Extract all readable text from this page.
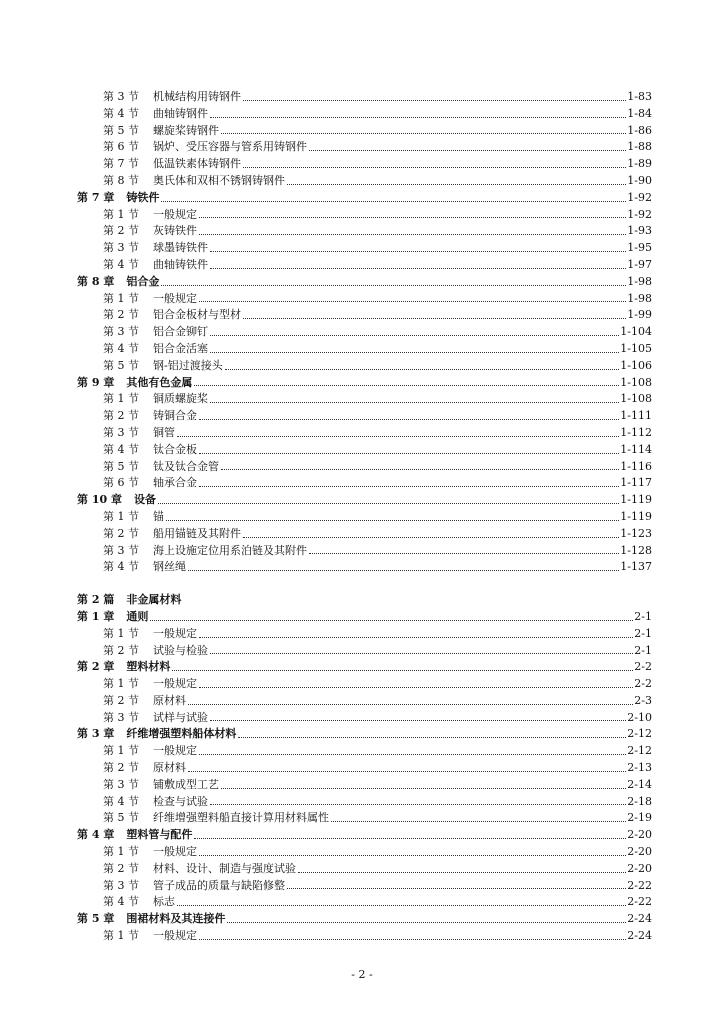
第 3 节	机械结构用铸钢件	1-83
第 4 节	曲轴铸钢件	1-84
第 5 节	螺旋桨铸钢件	1-86
第 6 节	锅炉、受压容器与管系用铸钢件	1-88
第 7 节	低温铁素体铸钢件	1-89
第 8 节	奥氏体和双相不锈钢铸钢件	1-90
第 7 章 铸铁件	1-92
第 1 节	一般规定	1-92
第 2 节	灰铸铁件	1-93
第 3 节	球墨铸铁件	1-95
第 4 节	曲轴铸铁件	1-97
第 8 章 铝合金	1-98
第 1 节	一般规定	1-98
第 2 节	铝合金板材与型材	1-99
第 3 节	铝合金铆钉	1-104
第 4 节	铝合金活塞	1-105
第 5 节	钢-铝过渡接头	1-106
第 9 章 其他有色金属	1-108
第 1 节	铜质螺旋桨	1-108
第 2 节	铸铜合金	1-111
第 3 节	铜管	1-112
第 4 节	钛合金板	1-114
第 5 节	钛及钛合金管	1-116
第 6 节	轴承合金	1-117
第 10 章 设备	1-119
第 1 节	锚	1-119
第 2 节	船用锚链及其附件	1-123
第 3 节	海上设施定位用系泊链及其附件	1-128
第 4 节	钢丝绳	1-137
第 2 篇 非金属材料
第 1 章 通则	2-1
第 1 节	一般规定	2-1
第 2 节	试验与检验	2-1
第 2 章 塑料材料	2-2
第 1 节	一般规定	2-2
第 2 节	原材料	2-3
第 3 节	试样与试验	2-10
第 3 章 纤维增强塑料船体材料	2-12
第 1 节	一般规定	2-12
第 2 节	原材料	2-13
第 3 节	铺敷成型工艺	2-14
第 4 节	检查与试验	2-18
第 5 节	纤维增强塑料船直接计算用材料属性	2-19
第 4 章 塑料管与配件	2-20
第 1 节	一般规定	2-20
第 2 节	材料、设计、制造与强度试验	2-20
第 3 节	管子成品的质量与缺陷修整	2-22
第 4 节	标志	2-22
第 5 章 围裙材料及其连接件	2-24
第 1 节	一般规定	2-24
- 2 -
